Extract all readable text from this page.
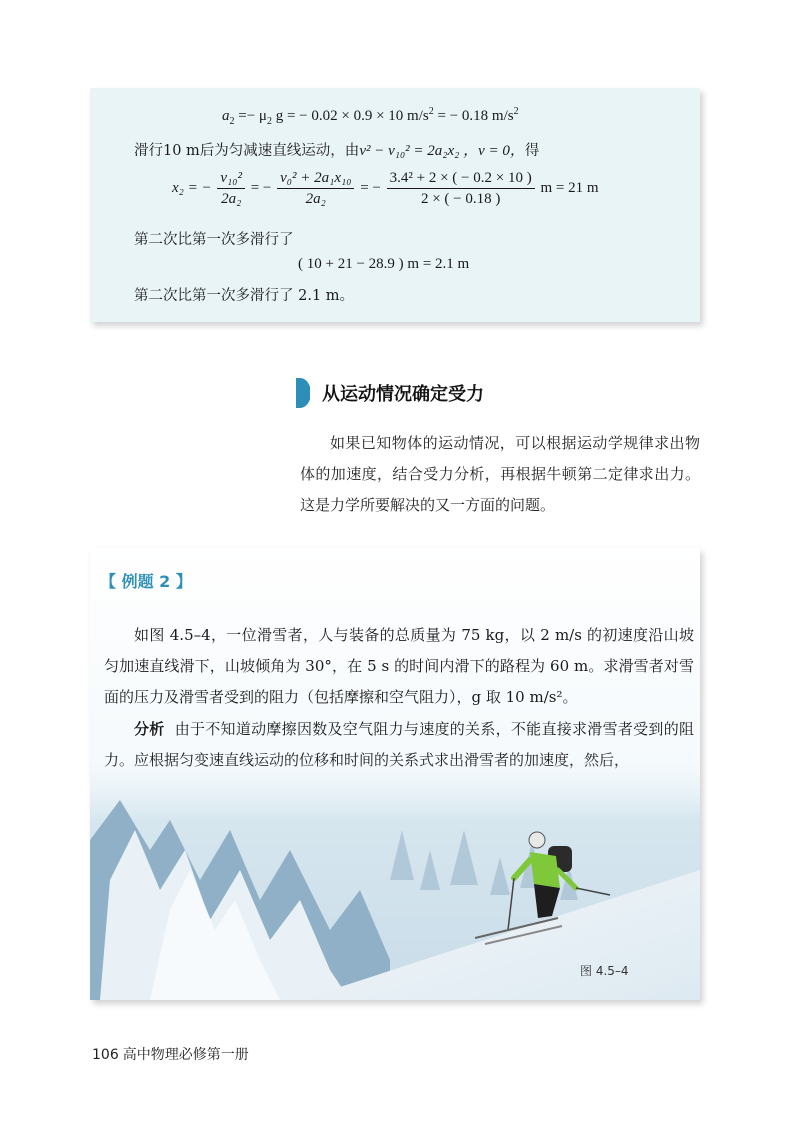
$a_2 =- \mu_2$ g = − 0.02 × 0.9 × 10 $m/s^2$ = − 0.18 $m/s^2$
滑行10 m后为匀减速直线运动，由v² − v₁₀² = 2a₂x₂ ，v = 0，得
x₂ = − $\frac{\text{v₁₀²}}{\text{2a₂}}$ = − $\frac{\text{v₀² + 2a₁x₁₀}}{\text{2a₂}}$ = − $\frac{\text{3.4² + 2 × ( − 0.2 × 10 )}}{2 \times ( - 0.18 )}$ m = 21 m
第二次比第一次多滑行了
( 10 + 21 − 28.9 ) m = 2.1 m
第二次比第一次多滑行了 2.1 m。
从运动情况确定受力
如果已知物体的运动情况，可以根据运动学规律求出物体的加速度，结合受力分析，再根据牛顿第二定律求出力。这是力学所要解决的又一方面的问题。
【 例题 2 】
如图 4.5–4，一位滑雪者，人与装备的总质量为 75 kg，以 2 m/s 的初速度沿山坡匀加速直线滑下，山坡倾角为 30°，在 5 s 的时间内滑下的路程为 60 m。求滑雪者对雪面的压力及滑雪者受到的阻力（包括摩擦和空气阻力），g 取 10 m/s²。
分析 由于不知道动摩擦因数及空气阻力与速度的关系，不能直接求滑雪者受到的阻
图 4.5–4
106 高中物理必修第一册
